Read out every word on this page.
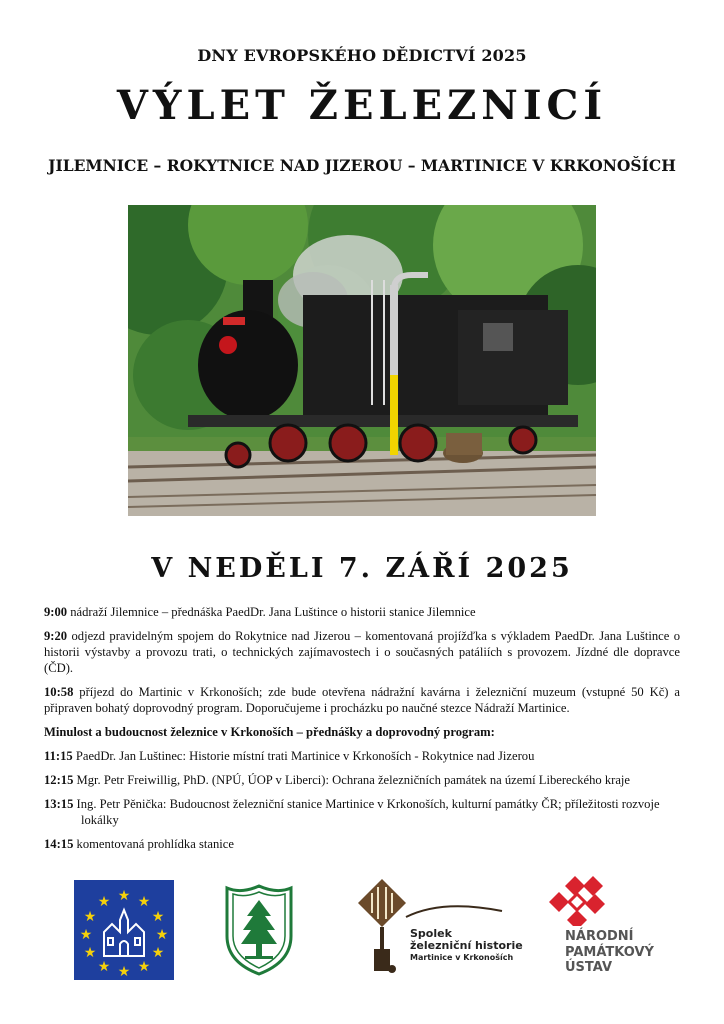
DNY EVROPSKÉHO DĚDICTVÍ 2025
VÝLET ŽELEZNICÍ
JILEMNICE – ROKYTNICE NAD JIZEROU – MARTINICE V KRKONOŠÍCH
V NEDĚLI 7. ZÁŘÍ 2025
9:00 nádraží Jilemnice – přednáška PaedDr. Jana Luštince o historii stanice Jilemnice
9:20 odjezd pravidelným spojem do Rokytnice nad Jizerou – komentovaná projížďka s výkladem PaedDr. Jana Luštince o historii výstavby a provozu trati, o technických zajímavostech i o současných patáliích s provozem. Jízdné dle dopravce (ČD).
10:58 příjezd do Martinic v Krkonoších; zde bude otevřena nádražní kavárna i železniční muzeum (vstupné 50 Kč) a připraven bohatý doprovodný program. Doporučujeme i procházku po naučné stezce Nádraží Martinice.
Minulost a budoucnost železnice v Krkonoších – přednášky a doprovodný program:
11:15 PaedDr. Jan Luštinec: Historie místní trati Martinice v Krkonoších - Rokytnice nad Jizerou
12:15 Mgr. Petr Freiwillig, PhD. (NPÚ, ÚOP v Liberci): Ochrana železničních památek na území Libereckého kraje
13:15 Ing. Petr Pěnička: Budoucnost železniční stanice Martinice v Krkonoších, kulturní památky ČR; příležitosti rozvoje lokálky
14:15 komentovaná prohlídka stanice
★ ★
★
★
★
★
★
★
★
★
★
★
Spolek
železniční historie
Martinice v Krkonoších
NÁRODNÍ
PAMÁTKOVÝ
ÚSTAV
